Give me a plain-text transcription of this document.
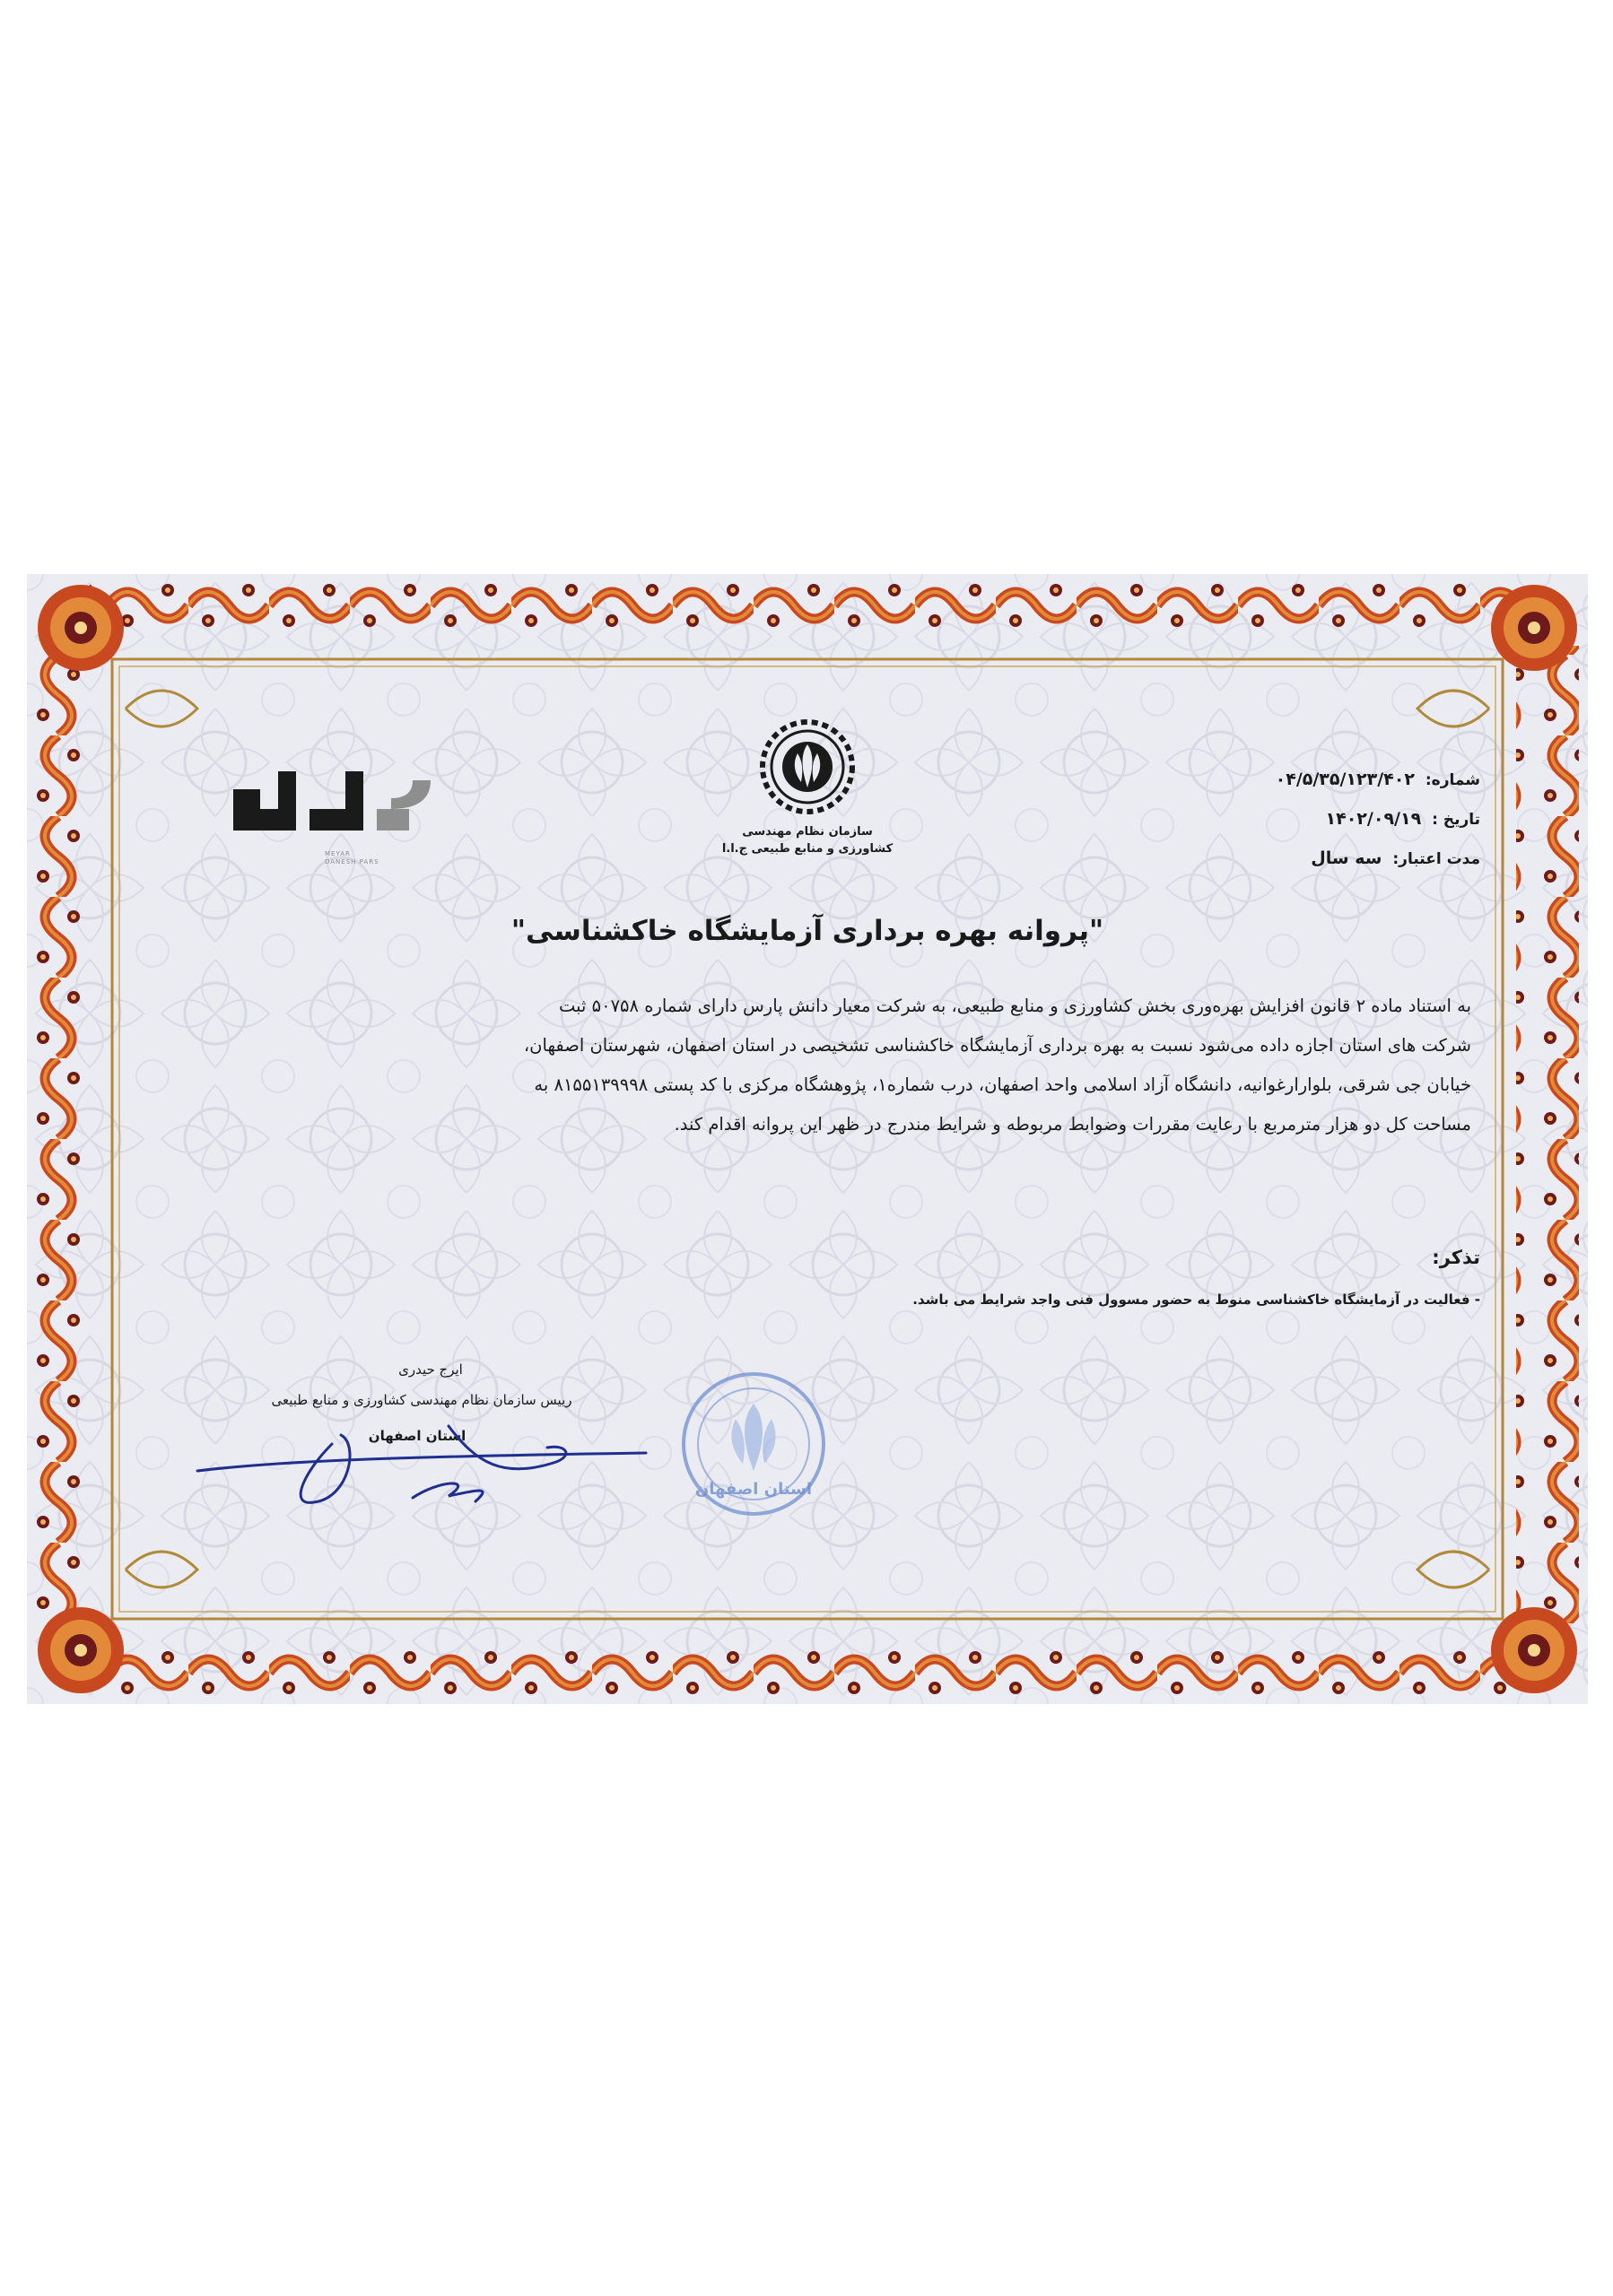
شماره: ۰۴/۵/۳۵/۱۲۳/۴۰۲
تاریخ : ۱۴۰۲/۰۹/۱۹
مدت اعتبار: سه سال
سازمان نظام مهندسی
کشاورزی و منابع طبیعی ج.ا.ا
MEYAR
DANESH PARS
"پروانه بهره برداری آزمایشگاه خاکشناسی"
به استناد ماده ۲ قانون افزایش بهره‌وری بخش کشاورزی و منابع طبیعی، به شرکت معیار دانش پارس دارای شماره ۵۰۷۵۸ ثبت
شرکت های استان اجازه داده می‌شود نسبت به بهره برداری آزمایشگاه خاکشناسی تشخیصی در استان اصفهان، شهرستان اصفهان،
خیابان جی شرقی، بلوارارغوانیه، دانشگاه آزاد اسلامی واحد اصفهان، درب شماره۱، پژوهشگاه مرکزی با کد پستی ۸۱۵۵۱۳۹۹۹۸ به
مساحت کل دو هزار مترمربع با رعایت مقررات وضوابط مربوطه و شرایط مندرج در ظهر این پروانه اقدام کند.
تذکر:
- فعالیت در آزمایشگاه خاکشناسی منوط به حضور مسوول فنی واجد شرایط می باشد.
استان اصفهان
ایرج حیدری
رییس سازمان نظام مهندسی کشاورزی و منابع طبیعی
استان اصفهان
